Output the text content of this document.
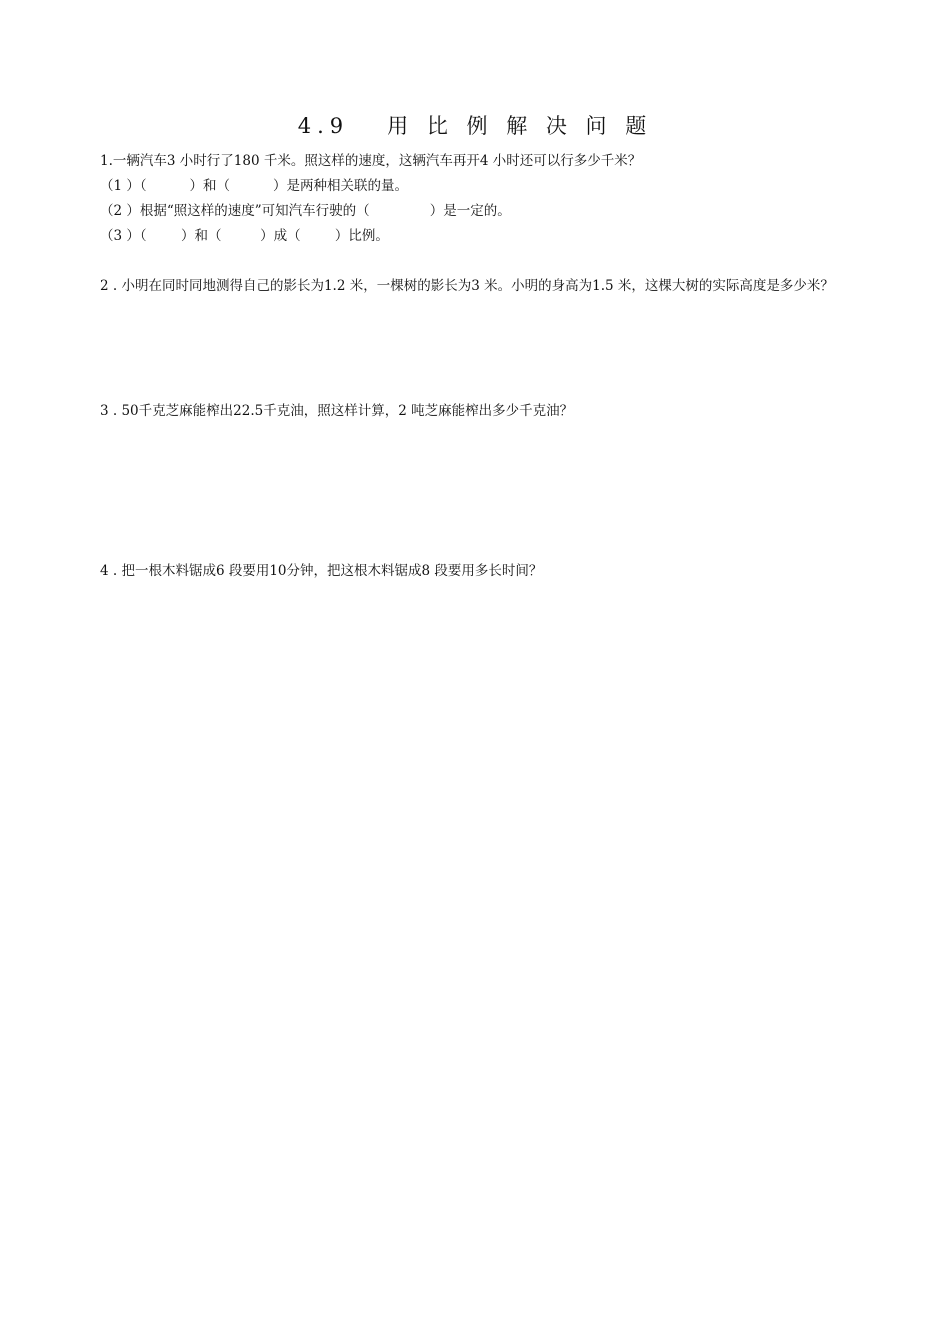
4.9   用 比 例 解 决 问 题
1.一辆汽车3 小时行了180 千米。照这样的速度，这辆汽车再开4 小时还可以行多少千米？
（1 ）（          ）和（          ）是两种相关联的量。
（2 ）根据“照这样的速度”可知汽车行驶的（              ）是一定的。
（3 ）（        ）和（         ）成（        ）比例。
2 . 小明在同时同地测得自己的影长为1.2 米，一棵树的影长为3 米。小明的身高为1.5 米，这棵大树的实际高度是多少米？
3 . 50千克芝麻能榨出22.5千克油，照这样计算，2 吨芝麻能榨出多少千克油？
4 . 把一根木料锯成6 段要用10分钟，把这根木料锯成8 段要用多长时间？
